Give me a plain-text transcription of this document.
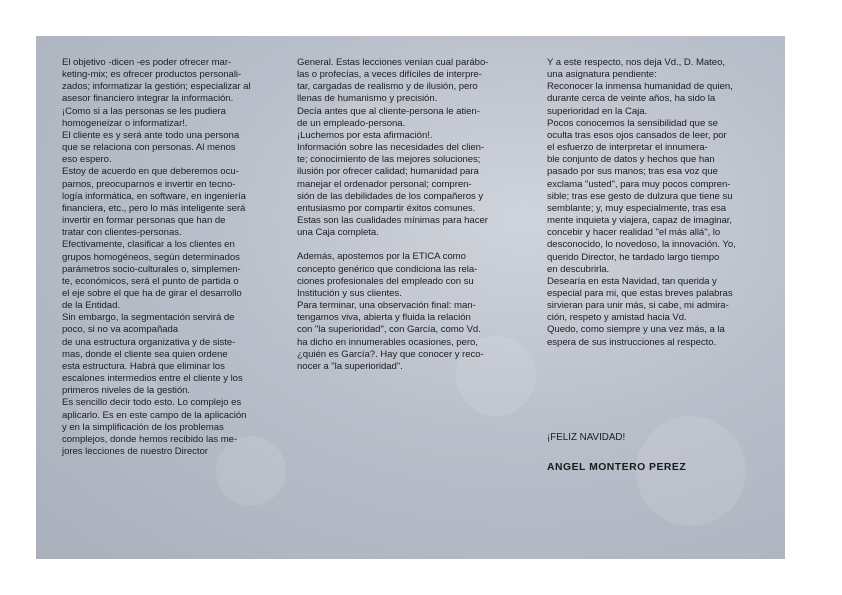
El objetivo -dicen -es poder ofrecer mar-
keting-mix; es ofrecer productos personali-
zados; informatizar la gestión; especializar al
asesor financiero integrar la información.
¡Como si a las personas se les pudiera
homogeneizar o informatizar!.
El cliente es y será ante todo una persona
que se relaciona con personas. Al menos
eso espero.
Estoy de acuerdo en que deberemos ocu-
parnos, preocuparnos e invertir en tecno-
logía informática, en software, en ingeniería
financiera, etc., pero lo más inteligente será
invertir en formar personas que han de
tratar con clientes-personas.
Efectivamente, clasificar a los clientes en
grupos homogéneos, según determinados
parámetros socio-culturales o, simplemen-
te, económicos, será el punto de partida o
el eje sobre el que ha de girar el desarrollo
de la Entidad.
Sin embargo, la segmentación servirá de
poco, si no va acompañada
de una estructura organizativa y de siste-
mas, donde el cliente sea quien ordene
esta estructura. Habrá que eliminar los
escalones intermedios entre el cliente y los
primeros niveles de la gestión.
Es sencillo decir todo esto. Lo complejo es
aplicarlo. Es en este campo de la aplicación
y en la simplificación de los problemas
complejos, donde hemos recibido las me-
jores lecciones de nuestro Director
General. Estas lecciones venían cual parábo-
las o profecías, a veces difíciles de interpre-
tar, cargadas de realismo y de ilusión, pero
llenas de humanismo y precisión.
Decía antes que al cliente-persona le atien-
de un empleado-persona.
¡Luchemos por esta afirmación!.
Información sobre las necesidades del clien-
te; conocimiento de las mejores soluciones;
ilusión por ofrecer calidad; humanidad para
manejar el ordenador personal; compren-
sión de las debilidades de los compañeros y
entusiasmo por compartir éxitos comunes.
Estas son las cualidades mínimas para hacer
una Caja completa.
Además, apostemos por la ETICA como
concepto genérico que condiciona las rela-
ciones profesionales del empleado con su
Institución y sus clientes.
Para terminar, una observación final: man-
tengamos viva, abierta y fluida la relación
con "la superioridad", con García, como Vd.
ha dicho en innumerables ocasiones, pero,
¿quién es García?. Hay que conocer y reco-
nocer a "la superioridad".
Y a este respecto, nos deja Vd., D. Mateo,
una asignatura pendiente:
Reconocer la inmensa humanidad de quien,
durante cerca de veinte años, ha sido la
superioridad en la Caja.
Pocos conocemos la sensibilidad que se
oculta tras esos ojos cansados de leer, por
el esfuerzo de interpretar el innumera-
ble conjunto de datos y hechos que han
pasado por sus manos; tras esa voz que
exclama "usted", para muy pocos compren-
sible; tras ese gesto de dulzura que tiene su
semblante; y, muy especialmente, tras esa
mente inquieta y viajera, capaz de imaginar,
concebir y hacer realidad "el más allá", lo
desconocido, lo novedoso, la innovación. Yo,
querido Director, he tardado largo tiempo
en descubrirla.
Desearía en esta Navidad, tan querida y
especial para mi, que estas breves palabras
sirvieran para unir más, si cabe, mi admira-
ción, respeto y amistad hacia Vd.
Quedo, como siempre y una vez más, a la
espera de sus instrucciones al respecto.
¡FELIZ NAVIDAD!
ANGEL MONTERO PEREZ
